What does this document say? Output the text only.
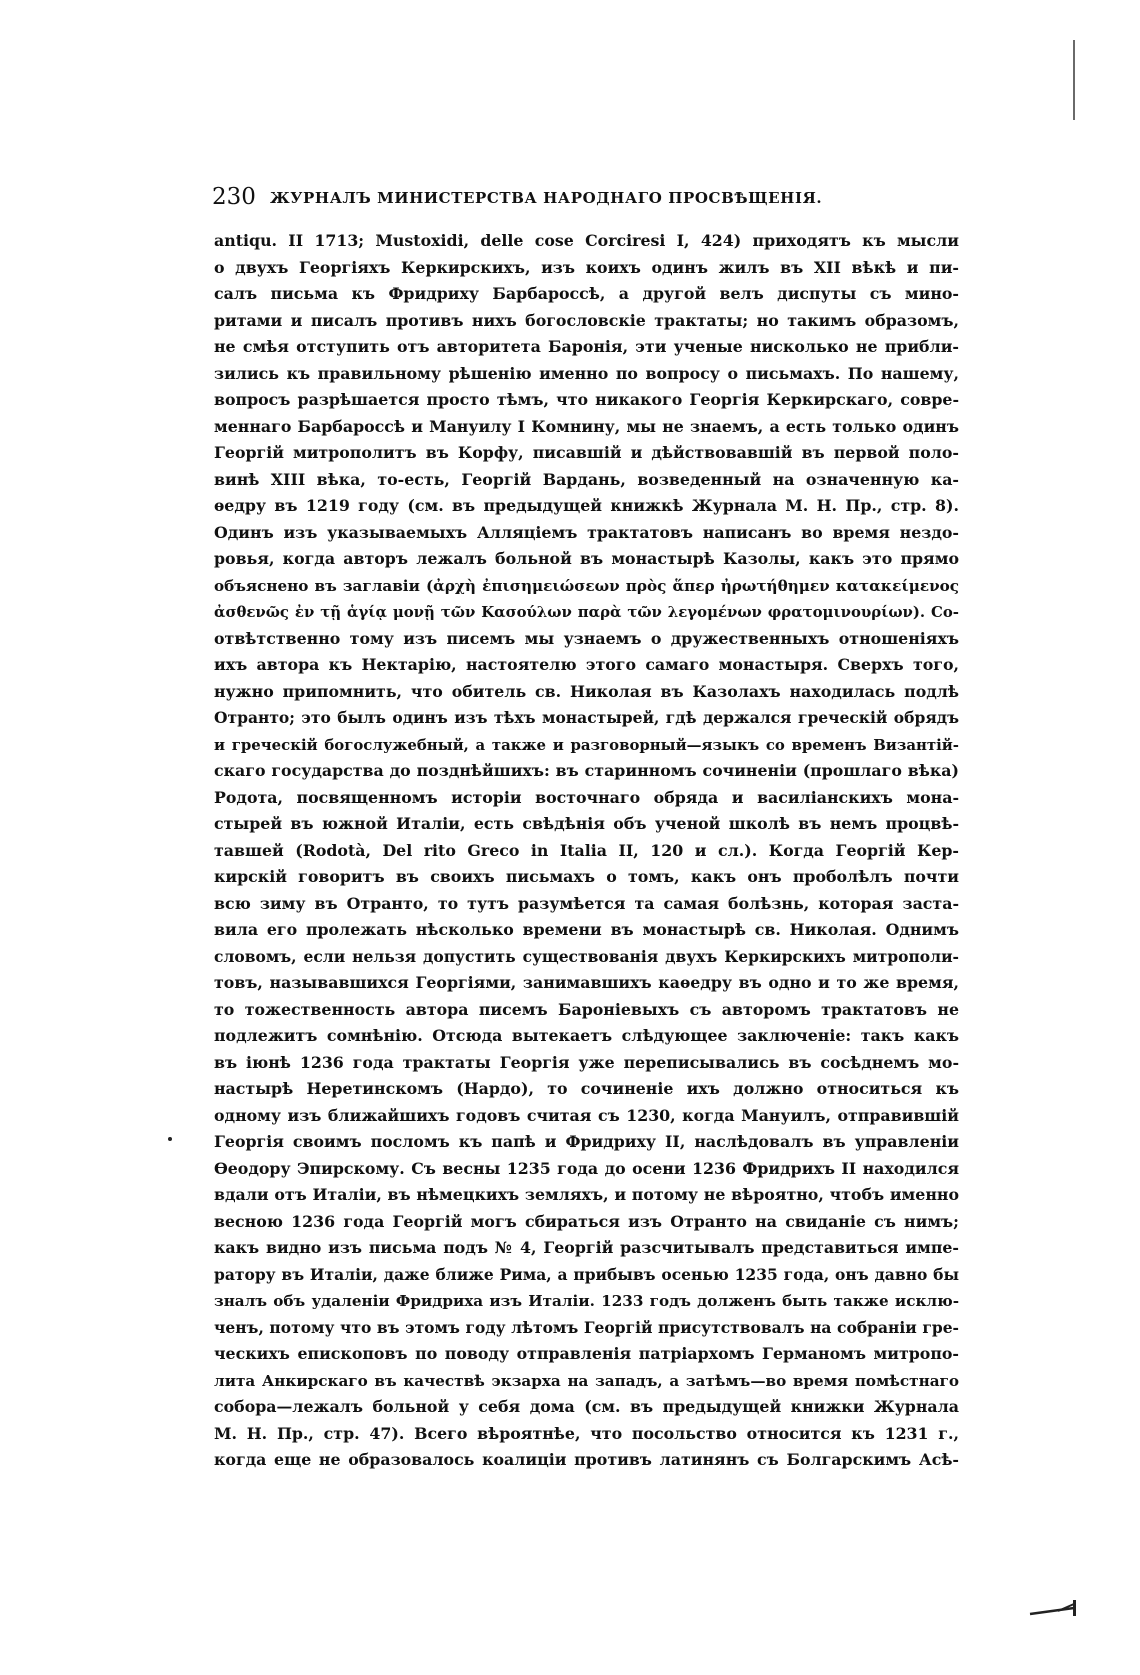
230 ЖУРНАЛЪ МИНИСТЕРСТВА НАРОДНАГО ПРОСВѢЩЕНІЯ.
antiqu. II 1713; Mustoxidi, delle cose Corciresi I, 424) приходятъ къ мысли
о двухъ Георгіяхъ Керкирскихъ, изъ коихъ одинъ жилъ въ XII вѣкѣ и пи-
салъ письма къ Фридриху Барбароссѣ, а другой велъ диспуты съ мино-
ритами и писалъ противъ нихъ богословскіе трактаты; но такимъ образомъ,
не смѣя отступить отъ авторитета Баронія, эти ученые нисколько не прибли-
зились къ правильному рѣшенію именно по вопросу о письмахъ. По нашему,
вопросъ разрѣшается просто тѣмъ, что никакого Георгія Керкирскаго, совре-
меннаго Барбароссѣ и Мануилу I Комнину, мы не знаемъ, а есть только одинъ
Георгій митрополитъ въ Корфу, писавшій и дѣйствовавшій въ первой поло-
винѣ XIII вѣка, то-есть, Георгій Вардань, возведенный на означенную ка-
ѳедру въ 1219 году (см. въ предыдущей книжкѣ Журнала М. Н. Пр., стр. 8).
Одинъ изъ указываемыхъ Алляціемъ трактатовъ написанъ во время нездо-
ровья, когда авторъ лежалъ больной въ монастырѣ Казолы, какъ это прямо
объяснено въ заглавіи (ἀρχὴ ἐπισημειώσεων πρὸς ἅπερ ἠρωτήθημεν κατακείμενος
ἀσθενῶς ἐν τῇ ἁγίᾳ μονῇ τῶν Κασούλων παρὰ τῶν λεγομένων φρατομινουρίων). Со-
отвѣтственно тому изъ писемъ мы узнаемъ о дружественныхъ отношеніяхъ
ихъ автора къ Нектарію, настоятелю этого самаго монастыря. Сверхъ того,
нужно припомнить, что обитель св. Николая въ Казолахъ находилась подлѣ
Отранто; это былъ одинъ изъ тѣхъ монастырей, гдѣ держался греческій обрядъ
и греческій богослужебный, а также и разговорный—языкъ со временъ Византій-
скаго государства до позднѣйшихъ: въ старинномъ сочиненіи (прошлаго вѣка)
Родота, посвященномъ исторіи восточнаго обряда и василіанскихъ мона-
стырей въ южной Италіи, есть свѣдѣнія объ ученой школѣ въ немъ процвѣ-
тавшей (Rodotà, Del rito Greco in Italia II, 120 и сл.). Когда Георгій Кер-
кирскій говоритъ въ своихъ письмахъ о томъ, какъ онъ проболѣлъ почти
всю зиму въ Отранто, то тутъ разумѣется та самая болѣзнь, которая заста-
вила его пролежать нѣсколько времени въ монастырѣ св. Николая. Однимъ
словомъ, если нельзя допустить существованія двухъ Керкирскихъ митрополи-
товъ, называвшихся Георгіями, занимавшихъ каѳедру въ одно и то же время,
то тожественность автора писемъ Бароніевыхъ съ авторомъ трактатовъ не
подлежитъ сомнѣнію. Отсюда вытекаетъ слѣдующее заключеніе: такъ какъ
въ іюнѣ 1236 года трактаты Георгія уже переписывались въ сосѣднемъ мо-
настырѣ Неретинскомъ (Нардо), то сочиненіе ихъ должно относиться къ
одному изъ ближайшихъ годовъ считая съ 1230, когда Мануилъ, отправившій
Георгія своимъ посломъ къ папѣ и Фридриху II, наслѣдовалъ въ управленіи
Ѳеодору Эпирскому. Съ весны 1235 года до осени 1236 Фридрихъ II находился
вдали отъ Италіи, въ нѣмецкихъ земляхъ, и потому не вѣроятно, чтобъ именно
весною 1236 года Георгій могъ сбираться изъ Отранто на свиданіе съ нимъ;
какъ видно изъ письма подъ № 4, Георгій разсчитывалъ представиться импе-
ратору въ Италіи, даже ближе Рима, а прибывъ осенью 1235 года, онъ давно бы
зналъ объ удаленіи Фридриха изъ Италіи. 1233 годъ долженъ быть также исклю-
ченъ, потому что въ этомъ году лѣтомъ Георгій присутствовалъ на собраніи гре-
ческихъ епископовъ по поводу отправленія патріархомъ Германомъ митропо-
лита Анкирскаго въ качествѣ экзарха на западъ, а затѣмъ—во время помѣстнаго
собора—лежалъ больной у себя дома (см. въ предыдущей книжки Журнала
М. Н. Пр., стр. 47). Всего вѣроятнѣе, что посольство относится къ 1231 г.,
когда еще не образовалось коалиціи противъ латинянъ съ Болгарскимъ Асѣ-
